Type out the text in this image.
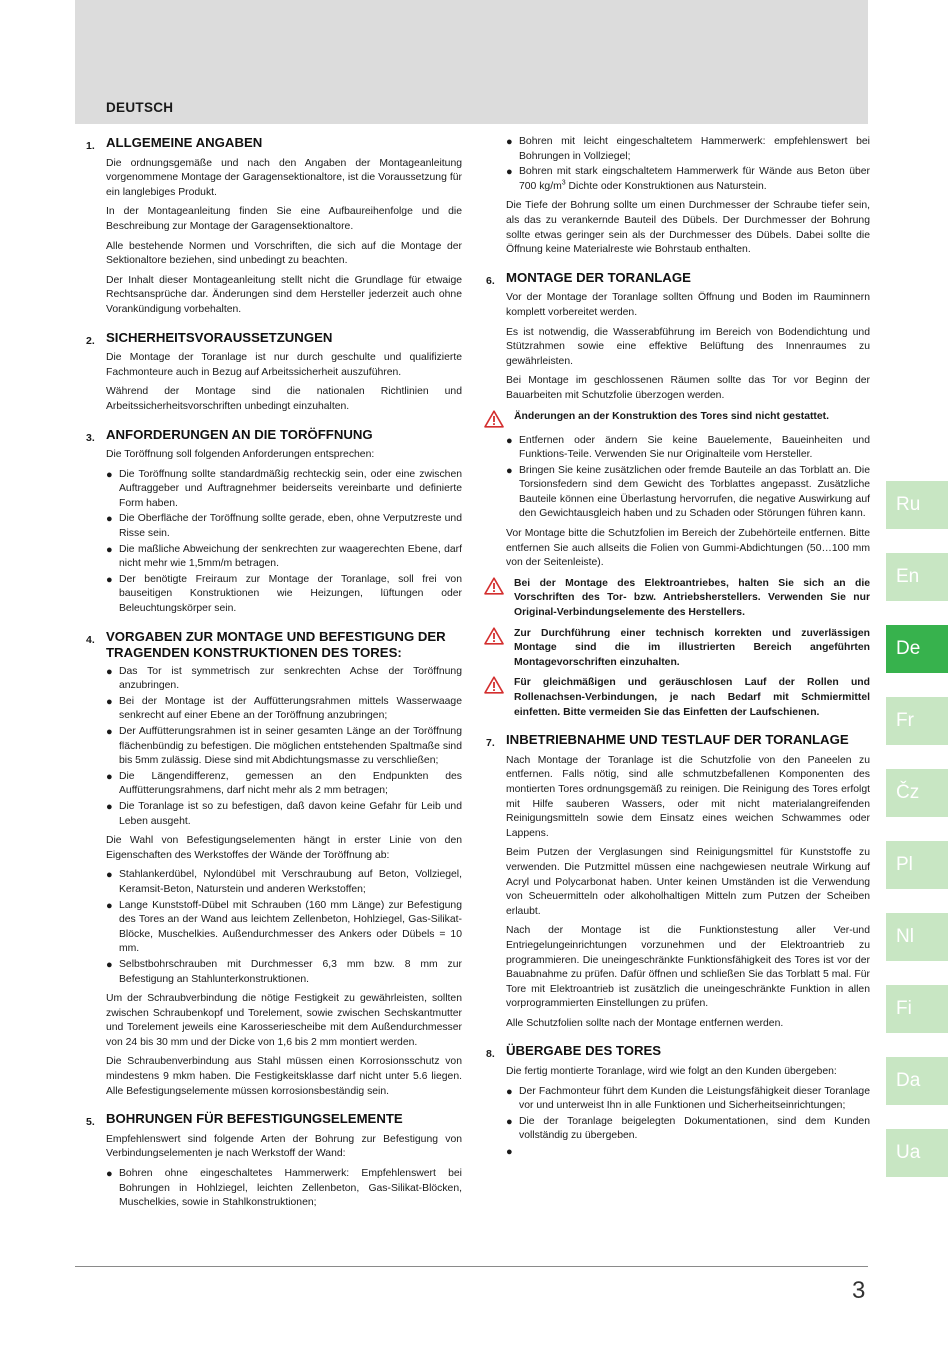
DEUTSCH
1. ALLGEMEINE ANGABEN

Die ordnungsgemäße und nach den Angaben der Montageanleitung vorgenommene Montage der Garagensektionaltore, ist die Voraussetzung für ein langlebiges Produkt.

In der Montageanleitung finden Sie eine Aufbaureihenfolge und die Beschreibung zur Montage der Garagensektionaltore.

Alle bestehende Normen und Vorschriften, die sich auf die Montage der Sektionaltore beziehen, sind unbedingt zu beachten.

Der Inhalt dieser Montageanleitung stellt nicht die Grundlage für etwaige Rechtsansprüche dar. Änderungen sind dem Hersteller jederzeit auch ohne Vorankündigung vorbehalten.

2. SICHERHEITSVORAUSSETZUNGEN

Die Montage der Toranlage ist nur durch geschulte und qualifizierte Fachmonteure auch in Bezug auf Arbeitssicherheit auszuführen.

Während der Montage sind die nationalen Richtlinien und Arbeitssicherheitsvorschriften unbedingt einzuhalten.

3. ANFORDERUNGEN AN DIE TORÖFFNUNG

Die Toröffnung soll folgenden Anforderungen entsprechen:

● Die Toröffnung sollte standardmäßig rechteckig sein, oder eine zwischen Auftraggeber und Auftragnehmer beiderseits vereinbarte und definierte Form haben.
● Die Oberfläche der Toröffnung sollte gerade, eben, ohne Verputzreste und Risse sein.
● Die maßliche Abweichung der senkrechten zur waagerechten Ebene, darf nicht mehr wie 1,5mm/m betragen.
● Der benötigte Freiraum zur Montage der Toranlage, soll frei von bauseitigen Konstruktionen wie Heizungen, lüftungen oder Beleuchtungskörper sein.
4. VORGABEN ZUR MONTAGE UND BEFESTIGUNG DER TRAGENDEN KONSTRUKTIONEN DES TORES:
● Das Tor ist symmetrisch zur senkrechten Achse der Toröffnung anzubringen.
● Bei der Montage ist der Auffütterungsrahmen mittels Wasserwaage senkrecht auf einer Ebene an der Toröffnung anzubringen;
● Der Auffütterungsrahmen ist in seiner gesamten Länge an der Toröffnung flächenbündig zu befestigen. Die möglichen entstehenden Spaltmaße sind bis 5mm zulässig. Diese sind mit Abdichtungsmasse zu verschließen;
● Die Längendifferenz, gemessen an den Endpunkten des Auffütterungsrahmens, darf nicht mehr als 2 mm betragen;
● Die Toranlage ist so zu befestigen, daß davon keine Gefahr für Leib und Leben ausgeht.

Die Wahl von Befestigungselementen hängt in erster Linie von den Eigenschaften des Werkstoffes der Wände der Toröffnung ab:

● Stahlankerdübel, Nylondübel mit Verschraubung auf Beton, Vollziegel, Keramsit-Beton, Naturstein und anderen Werkstoffen;
● Lange Kunststoff-Dübel mit Schrauben (160 mm Länge) zur Befestigung des Tores an der Wand aus leichtem Zellenbeton, Hohlziegel, Gas-Silikat-Blöcke, Muschelkies. Außendurchmesser des Ankers oder Dübels = 10 mm.
● Selbstbohrschrauben mit Durchmesser 6,3 mm bzw. 8 mm zur Befestigung an Stahlunterkonstruktionen.

Um der Schraubverbindung die nötige Festigkeit zu gewährleisten, sollten zwischen Schraubenkopf und Torelement, sowie zwischen Sechskantmutter und Torelement jeweils eine Karosseriescheibe mit dem Außendurchmesser von 24 bis 30 mm und der Dicke von 1,6 bis 2 mm montiert werden.

Die Schraubenverbindung aus Stahl müssen einen Korrosionsschutz von mindestens 9 mkm haben. Die Festigkeitsklasse darf nicht unter 5.6 liegen. Alle Befestigungselemente müssen korrosionsbeständig sein.

5. BOHRUNGEN FÜR BEFESTIGUNGSELEMENTE

Empfehlenswert sind folgende Arten der Bohrung zur Befestigung von Verbindungselementen je nach Werkstoff der Wand:

● Bohren ohne eingeschaltetes Hammerwerk: Empfehlenswert bei Bohrungen in Hohlziegel, leichten Zellenbeton, Gas-Silikat-Blöcken, Muschelkies, sowie in Stahlkonstruktionen;
● Bohren mit leicht eingeschaltetem Hammerwerk: empfehlenswert bei Bohrungen in Vollziegel;
● Bohren mit stark eingschaltetem Hammerwerk für Wände aus Beton über 700 $kg/m^3$ Dichte oder Konstruktionen aus Naturstein.

Die Tiefe der Bohrung sollte um einen Durchmesser der Schraube tiefer sein, als das zu verankernde Bauteil des Dübels. Der Durchmesser der Bohrung sollte etwas geringer sein als der Durchmesser des Dübels. Dabei sollte die Öffnung keine Materialreste wie Bohrstaub enthalten.

6. MONTAGE DER TORANLAGE

Vor der Montage der Toranlage sollten Öffnung und Boden im Rauminnern komplett vorbereitet werden.

Es ist notwendig, die Wasserabführung im Bereich von Bodendichtung und Stützrahmen sowie eine effektive Belüftung des Innenraumes zu gewährleisten.

Bei Montage im geschlossenen Räumen sollte das Tor vor Beginn der Bauarbeiten mit Schutzfolie überzogen werden.

Änderungen an der Konstruktion des Tores sind nicht gestattet.
● Entfernen oder ändern Sie keine Bauelemente, Baueinheiten und Funktions-Teile. Verwenden Sie nur Originalteile vom Hersteller.
● Bringen Sie keine zusätzlichen oder fremde Bauteile an das Torblatt an. Die Torsionsfedern sind dem Gewicht des Torblattes angepasst. Zusätzliche Bauteile können eine Überlastung hervorrufen, die negative Auswirkung auf den Gewichtausgleich haben und zu Schaden oder Störungen führen kann.

Vor Montage bitte die Schutzfolien im Bereich der Zubehörteile entfernen. Bitte entfernen Sie auch allseits die Folien von Gummi-Abdichtungen (50…100 mm von der Seitenleiste).

Bei der Montage des Elektroantriebes, halten Sie sich an die Vorschriften des Tor- bzw. Antriebsherstellers. Verwenden Sie nur Original-Verbindungselemente des Herstellers.
Zur Durchführung einer technisch korrekten und zuverlässigen Montage sind die im illustrierten Bereich angeführten Montagevorschriften einzuhalten.
Für gleichmäßigen und geräuschlosen Lauf der Rollen und Rollenachsen-Verbindungen, je nach Bedarf mit Schmiermittel einfetten. Bitte vermeiden Sie das Einfetten der Laufschienen.
7. INBETRIEBNAHME UND TESTLAUF DER TORANLAGE

Nach Montage der Toranlage ist die Schutzfolie von den Paneelen zu entfernen. Falls nötig, sind alle schmutzbefallenen Komponenten des montierten Tores ordnungsgemäß zu reinigen. Die Reinigung des Tores erfolgt mit Hilfe sauberen Wassers, oder mit nicht materialangreifenden Reinigungsmitteln sowie dem Einsatz eines weichen Schwammes oder Lappens.

Beim Putzen der Verglasungen sind Reinigungsmittel für Kunststoffe zu verwenden. Die Putzmittel müssen eine nachgewiesen neutrale Wirkung auf Acryl und Polycarbonat haben. Unter keinen Umständen ist die Verwendung von Scheuermitteln oder alkoholhaltigen Mitteln zum Putzen der Scheiben erlaubt.

Nach der Montage ist die Funktionstestung aller Ver-und Entriegelungeinrichtungen vorzunehmen und der Elektroantrieb zu programmieren. Die uneingeschränkte Funktionsfähigkeit des Tores ist vor der Bauabnahme zu prüfen. Dafür öffnen und schließen Sie das Torblatt 5 mal. Für Tore mit Elektroantrieb ist zusätzlich die uneingeschränkte Funktion in allen vorprogrammierten Einstellungen zu prüfen.

Alle Schutzfolien sollte nach der Montage entfernen werden.

8. ÜBERGABE DES TORES

Die fertig montierte Toranlage, wird wie folgt an den Kunden übergeben:

● Der Fachmonteur führt dem Kunden die Leistungsfähigkeit dieser Toranlage vor und unterweist Ihn in alle Funktionen und Sicherheitseinrichtungen;
● Die der Toranlage beigelegten Dokumentationen, sind dem Kunden vollständig zu übergeben.
●
Ru
En
De
Fr
Čz
Pl
Nl
Fi
Da
Ua
3
